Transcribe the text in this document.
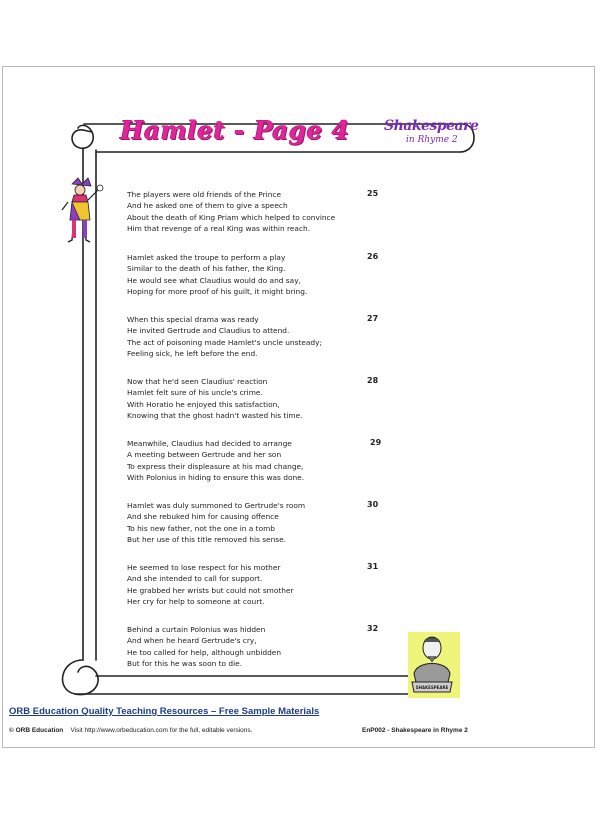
Hamlet - Page 4 Shakespeare
in Rhyme 2
SHAKESPEARE
The players were old friends of the Prince
And he asked one of them to give a speech
About the death of King Priam which helped to convince
Him that revenge of a real King was within reach.
25
Hamlet asked the troupe to perform a play
Similar to the death of his father, the King.
He would see what Claudius would do and say,
Hoping for more proof of his guilt, it might bring.
26
When this special drama was ready
He invited Gertrude and Claudius to attend.
The act of poisoning made Hamlet's uncle unsteady;
Feeling sick, he left before the end.
27
Now that he'd seen Claudius' reaction
Hamlet felt sure of his uncle's crime.
With Horatio he enjoyed this satisfaction,
Knowing that the ghost hadn't wasted his time.
28
Meanwhile, Claudius had decided to arrange
A meeting between Gertrude and her son
To express their displeasure at his mad change,
With Polonius in hiding to ensure this was done.
29
Hamlet was duly summoned to Gertrude's room
And she rebuked him for causing offence
To his new father, not the one in a tomb
But her use of this title removed his sense.
30
He seemed to lose respect for his mother
And she intended to call for support.
He grabbed her wrists but could not smother
Her cry for help to someone at court.
31
Behind a curtain Polonius was hidden
And when he heard Gertrude's cry,
He too called for help, although unbidden
But for this he was soon to die.
32
ORB Education Quality Teaching Resources – Free Sample Materials
© ORB Education Visit http://www.orbeducation.com for the full, editable versions.	EnP002 - Shakespeare in Rhyme 2
